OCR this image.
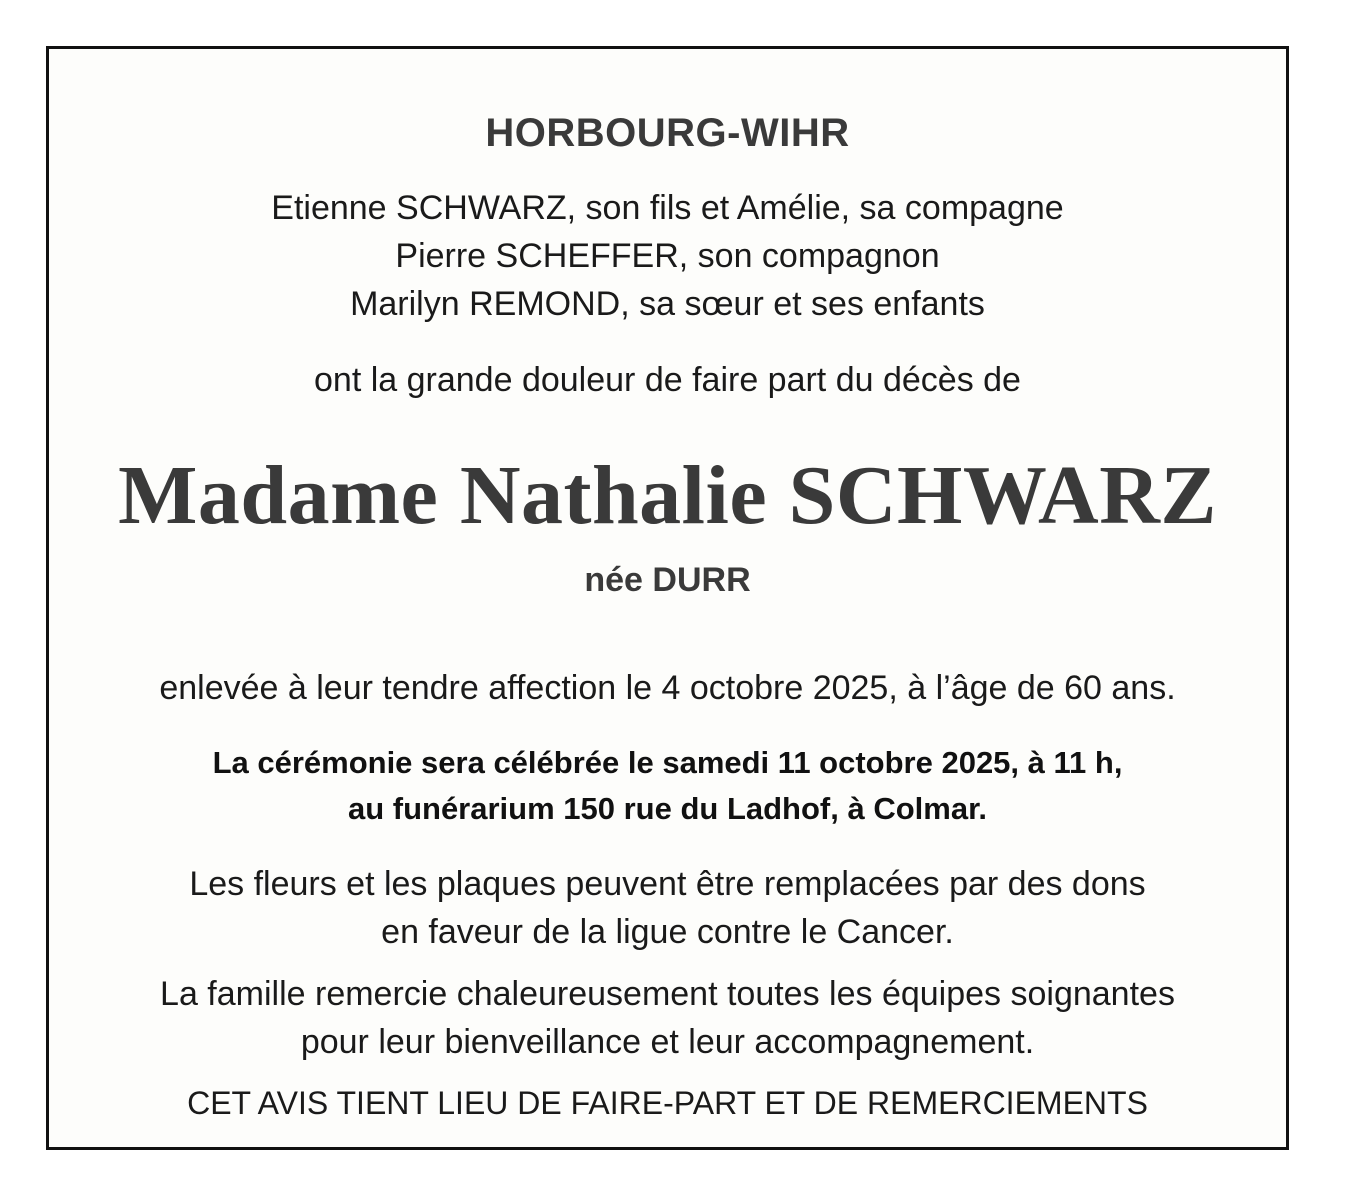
HORBOURG-WIHR
Etienne SCHWARZ, son fils et Amélie, sa compagne
Pierre SCHEFFER, son compagnon
Marilyn REMOND, sa sœur et ses enfants
ont la grande douleur de faire part du décès de
Madame Nathalie SCHWARZ
née DURR
enlevée à leur tendre affection le 4 octobre 2025, à l’âge de 60 ans.
La cérémonie sera célébrée le samedi 11 octobre 2025, à 11 h,
au funérarium 150 rue du Ladhof, à Colmar.
Les fleurs et les plaques peuvent être remplacées par des dons
en faveur de la ligue contre le Cancer.
La famille remercie chaleureusement toutes les équipes soignantes
pour leur bienveillance et leur accompagnement.
CET AVIS TIENT LIEU DE FAIRE-PART ET DE REMERCIEMENTS
